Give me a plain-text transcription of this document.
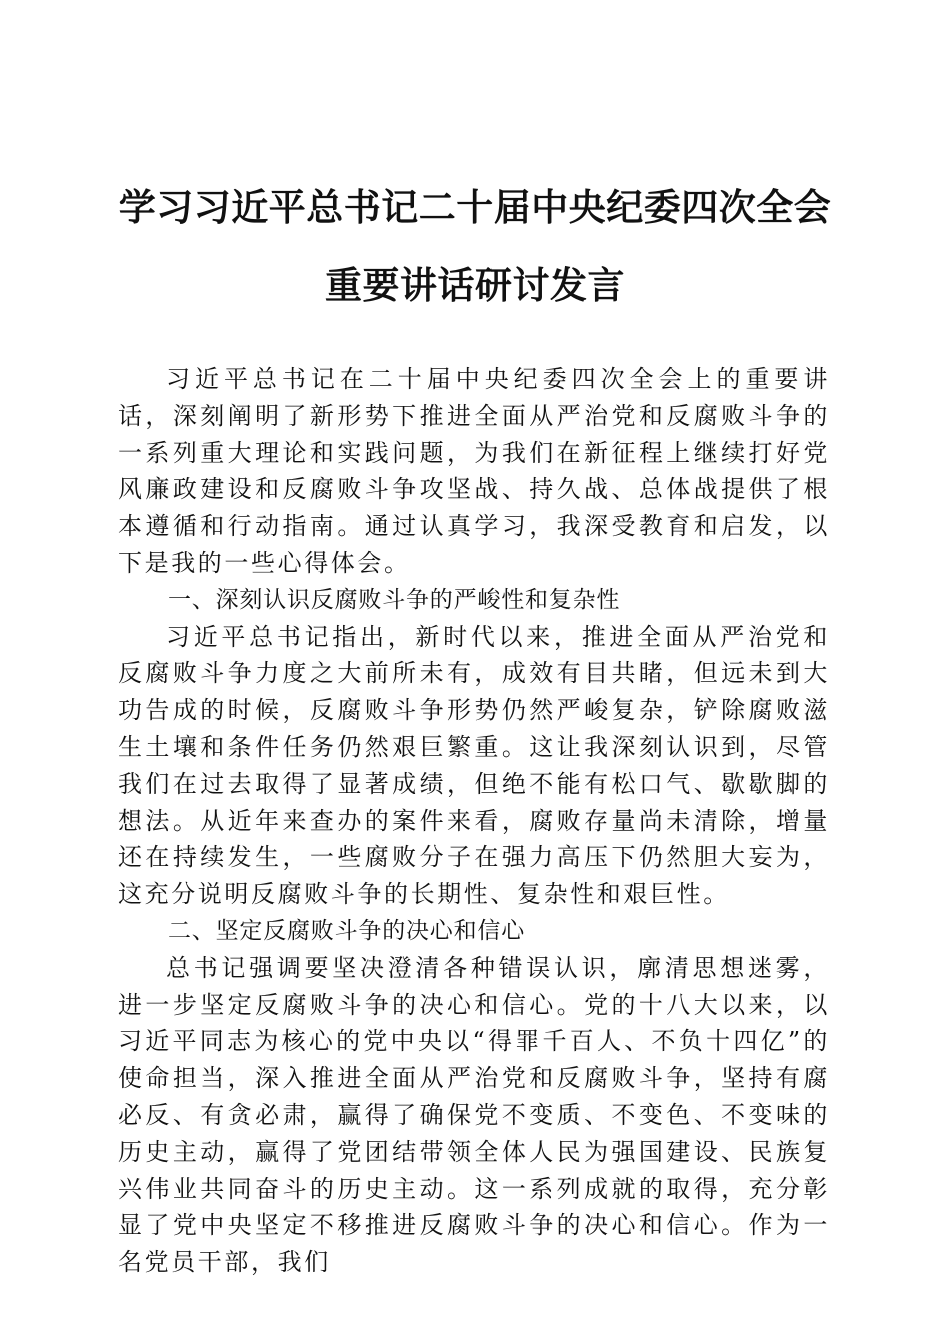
学习习近平总书记二十届中央纪委四次全会重要讲话研讨发言

习近平总书记在二十届中央纪委四次全会上的重要讲话，深刻阐明了新形势下推进全面从严治党和反腐败斗争的一系列重大理论和实践问题，为我们在新征程上继续打好党风廉政建设和反腐败斗争攻坚战、持久战、总体战提供了根本遵循和行动指南。通过认真学习，我深受教育和启发，以下是我的一些心得体会。

一、深刻认识反腐败斗争的严峻性和复杂性

习近平总书记指出，新时代以来，推进全面从严治党和反腐败斗争力度之大前所未有，成效有目共睹，但远未到大功告成的时候，反腐败斗争形势仍然严峻复杂，铲除腐败滋生土壤和条件任务仍然艰巨繁重。这让我深刻认识到，尽管我们在过去取得了显著成绩，但绝不能有松口气、歇歇脚的想法。从近年来查办的案件来看，腐败存量尚未清除，增量还在持续发生，一些腐败分子在强力高压下仍然胆大妄为，这充分说明反腐败斗争的长期性、复杂性和艰巨性。

二、坚定反腐败斗争的决心和信心

总书记强调要坚决澄清各种错误认识，廓清思想迷雾，进一步坚定反腐败斗争的决心和信心。党的十八大以来，以习近平同志为核心的党中央以“得罪千百人、不负十四亿”的使命担当，深入推进全面从严治党和反腐败斗争，坚持有腐必反、有贪必肃，赢得了确保党不变质、不变色、不变味的历史主动，赢得了党团结带领全体人民为强国建设、民族复兴伟业共同奋斗的历史主动。这一系列成就的取得，充分彰显了党中央坚定不移推进反腐败斗争的决心和信心。作为一名党员干部，我们
